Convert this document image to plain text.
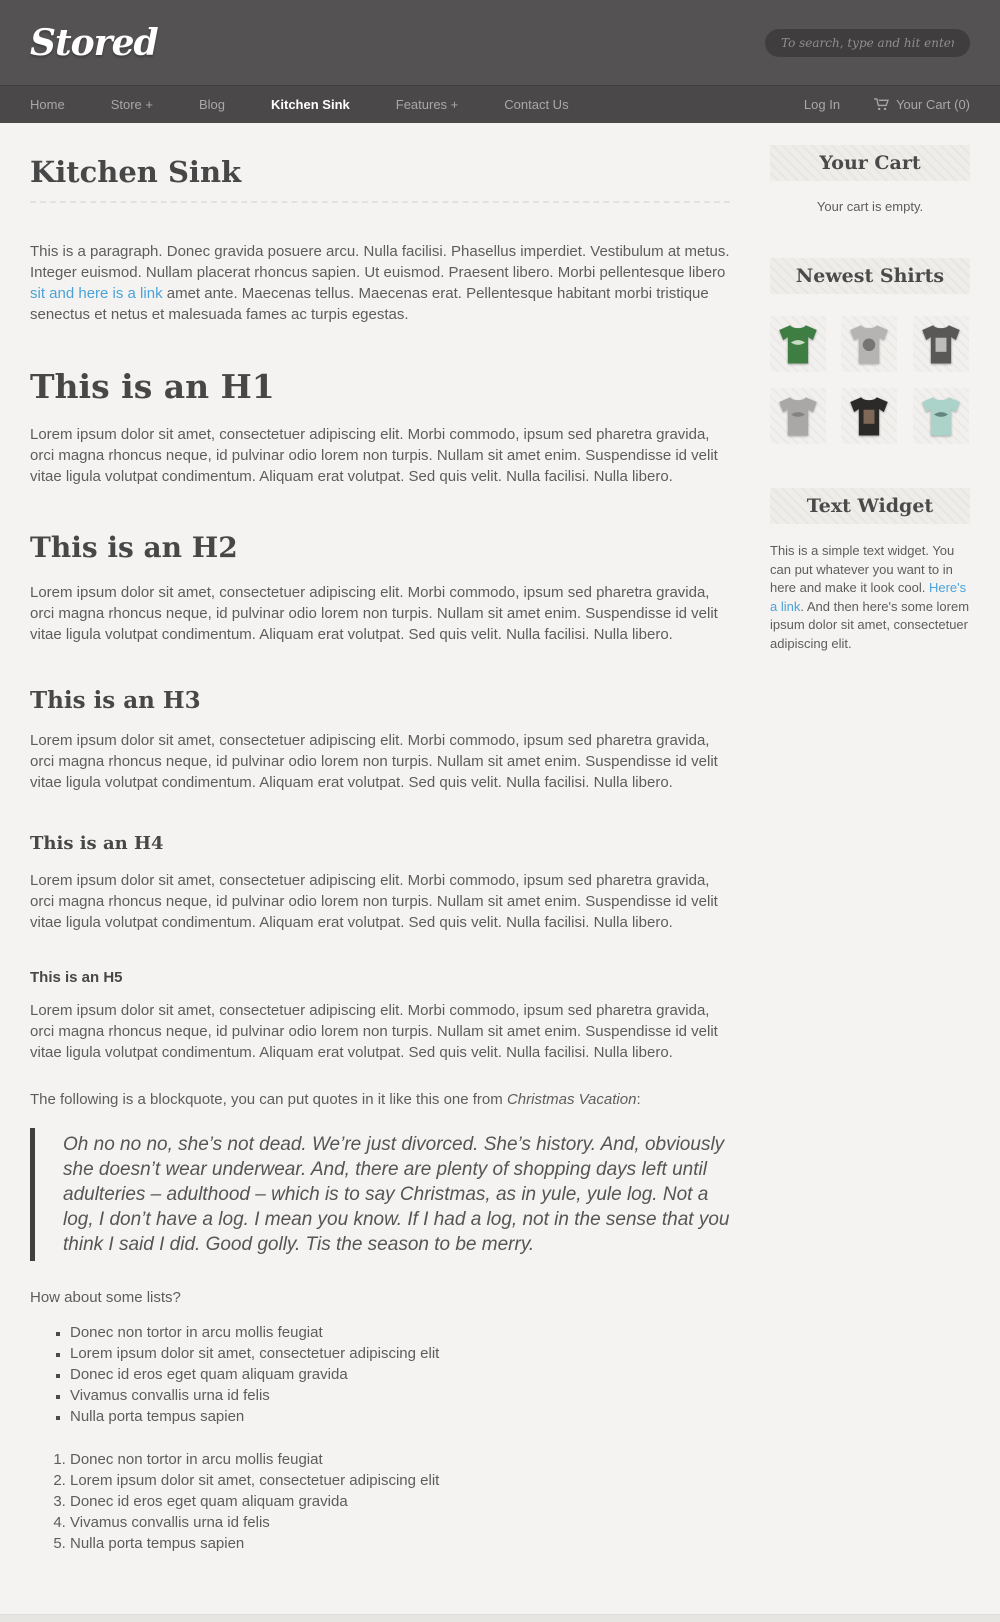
Stored
To search, type and hit enter
Home	Store +	Blog	Kitchen Sink	Features +	Contact Us	Log In	Your Cart (0)
Kitchen Sink

This is a paragraph. Donec gravida posuere arcu. Nulla facilisi. Phasellus imperdiet. Vestibulum at metus. Integer euismod. Nullam placerat rhoncus sapien. Ut euismod. Praesent libero. Morbi pellentesque libero sit and here is a link amet ante. Maecenas tellus. Maecenas erat. Pellentesque habitant morbi tristique senectus et netus et malesuada fames ac turpis egestas.

This is an H1

Lorem ipsum dolor sit amet, consectetuer adipiscing elit. Morbi commodo, ipsum sed pharetra gravida, orci magna rhoncus neque, id pulvinar odio lorem non turpis. Nullam sit amet enim. Suspendisse id velit vitae ligula volutpat condimentum. Aliquam erat volutpat. Sed quis velit. Nulla facilisi. Nulla libero.

This is an H2

Lorem ipsum dolor sit amet, consectetuer adipiscing elit. Morbi commodo, ipsum sed pharetra gravida, orci magna rhoncus neque, id pulvinar odio lorem non turpis. Nullam sit amet enim. Suspendisse id velit vitae ligula volutpat condimentum. Aliquam erat volutpat. Sed quis velit. Nulla facilisi. Nulla libero.

This is an H3

Lorem ipsum dolor sit amet, consectetuer adipiscing elit. Morbi commodo, ipsum sed pharetra gravida, orci magna rhoncus neque, id pulvinar odio lorem non turpis. Nullam sit amet enim. Suspendisse id velit vitae ligula volutpat condimentum. Aliquam erat volutpat. Sed quis velit. Nulla facilisi. Nulla libero.

This is an H4

Lorem ipsum dolor sit amet, consectetuer adipiscing elit. Morbi commodo, ipsum sed pharetra gravida, orci magna rhoncus neque, id pulvinar odio lorem non turpis. Nullam sit amet enim. Suspendisse id velit vitae ligula volutpat condimentum. Aliquam erat volutpat. Sed quis velit. Nulla facilisi. Nulla libero.

This is an H5

Lorem ipsum dolor sit amet, consectetuer adipiscing elit. Morbi commodo, ipsum sed pharetra gravida, orci magna rhoncus neque, id pulvinar odio lorem non turpis. Nullam sit amet enim. Suspendisse id velit vitae ligula volutpat condimentum. Aliquam erat volutpat. Sed quis velit. Nulla facilisi. Nulla libero.

The following is a blockquote, you can put quotes in it like this one from Christmas Vacation:

Oh no no no, she’s not dead. We’re just divorced. She’s history. And, obviously she doesn’t wear underwear. And, there are plenty of shopping days left until adulteries – adulthood – which is to say Christmas, as in yule, yule log. Not a log, I don’t have a log. I mean you know. If I had a log, not in the sense that you think I said I did. Good golly. Tis the season to be merry.

How about some lists?

▪ Donec non tortor in arcu mollis feugiat
▪ Lorem ipsum dolor sit amet, consectetuer adipiscing elit
▪ Donec id eros eget quam aliquam gravida
▪ Vivamus convallis urna id felis
▪ Nulla porta tempus sapien
1. Donec non tortor in arcu mollis feugiat
2. Lorem ipsum dolor sit amet, consectetuer adipiscing elit
3. Donec id eros eget quam aliquam gravida
4. Vivamus convallis urna id felis
5. Nulla porta tempus sapien
Your Cart
Your cart is empty.
Newest Shirts
Text Widget
This is a simple text widget. You can put whatever you want to in here and make it look cool. Here's a link. And then here's some lorem ipsum dolor sit amet, consectetuer adipiscing elit.
